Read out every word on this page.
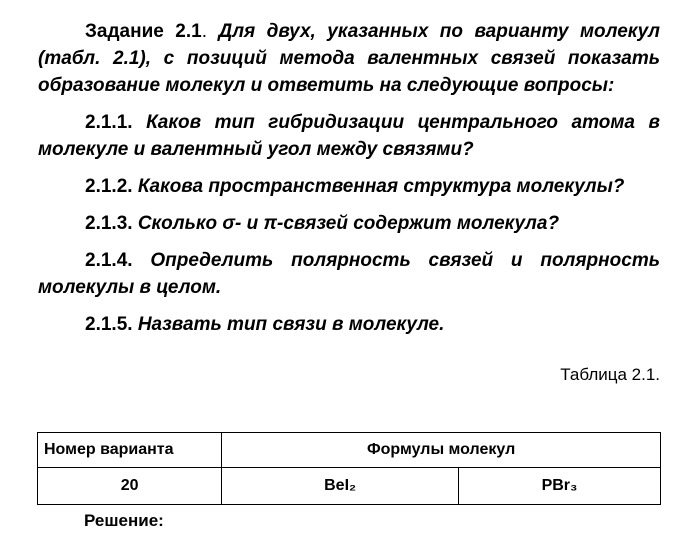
Задание 2.1. Для двух, указанных по варианту молекул (табл. 2.1), с позиций метода валентных связей показать образование молекул и ответить на следующие вопросы:

2.1.1. Каков тип гибридизации центрального атома в молекуле и валентный угол между связями?

2.1.2. Какова пространственная структура молекулы?

2.1.3. Сколько σ- и π-связей содержит молекула?

2.1.4. Определить полярность связей и полярность молекулы в целом.

2.1.5. Назвать тип связи в молекуле.

Таблица 2.1.
Номер варианта	Формулы молекул	
20	BeI₂	PBr₃
Решение:
